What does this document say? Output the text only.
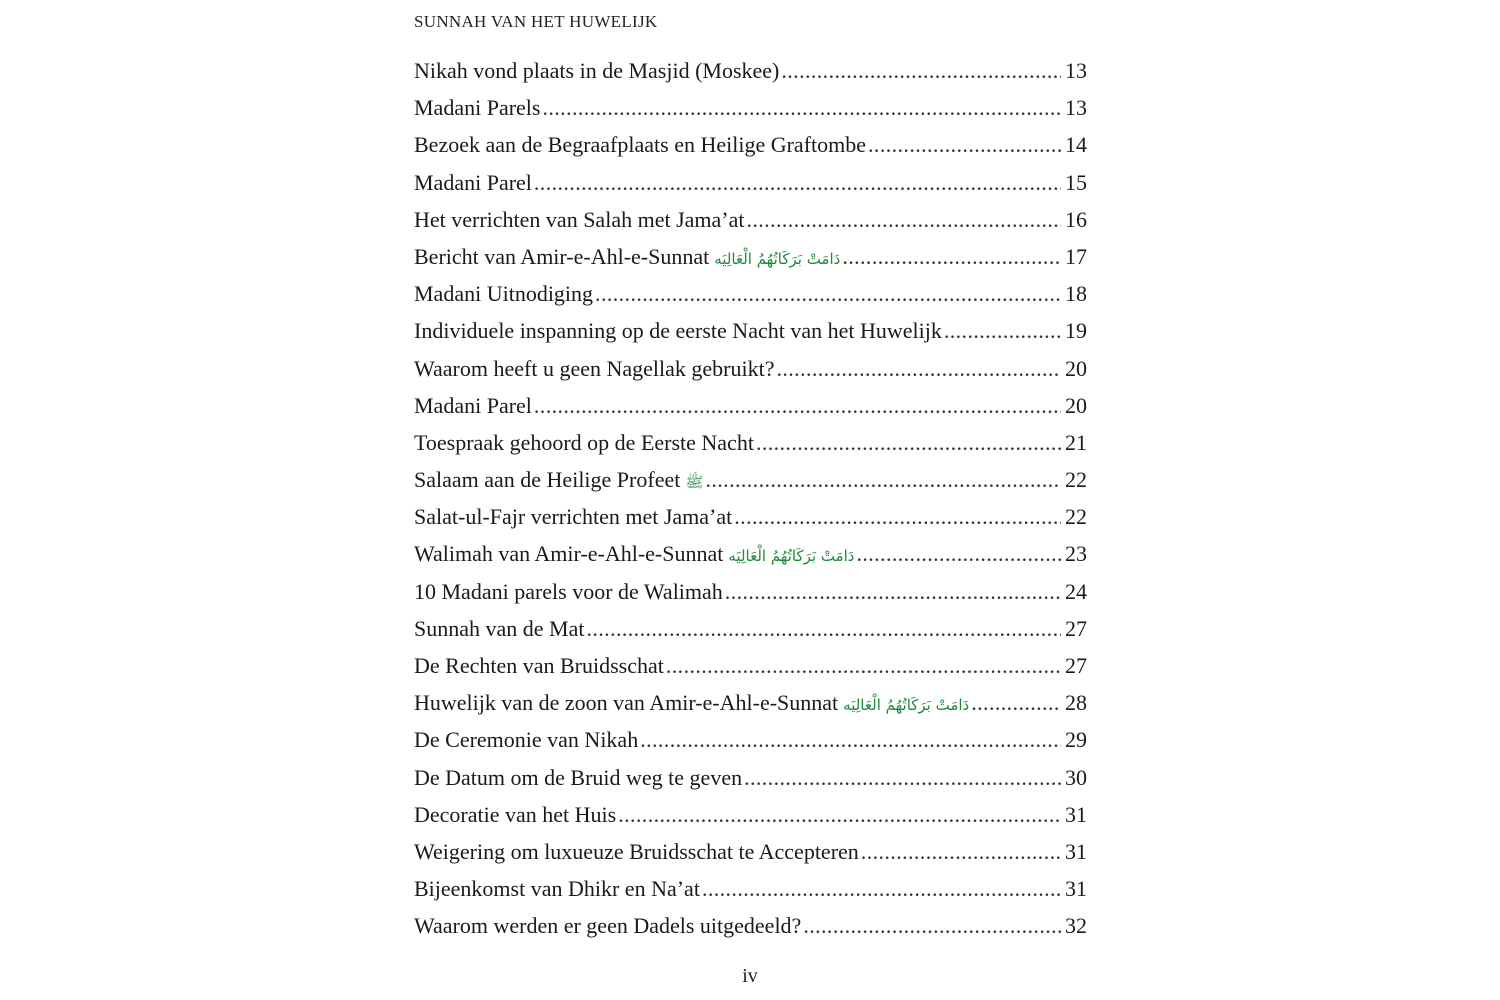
SUNNAH VAN HET HUWELIJK
Nikah vond plaats in de Masjid (Moskee) .....	13
Madani Parels .....	13
Bezoek aan de Begraafplaats en Heilige Graftombe .....	14
Madani Parel .....	15
Het verrichten van Salah met Jama’at .....	16
Bericht van Amir-e-Ahl-e-Sunnat دَامَتْ بَرَكَاتُهُمُ الْعَالِيَه .....	17
Madani Uitnodiging .....	18
Individuele inspanning op de eerste Nacht van het Huwelijk .....	19
Waarom heeft u geen Nagellak gebruikt? .....	20
Madani Parel .....	20
Toespraak gehoord op de Eerste Nacht .....	21
Salaam aan de Heilige Profeet ﷺ .....	22
Salat-ul-Fajr verrichten met Jama’at .....	22
Walimah van Amir-e-Ahl-e-Sunnat دَامَتْ بَرَكَاتُهُمُ الْعَالِيَه .....	23
10 Madani parels voor de Walimah .....	24
Sunnah van de Mat .....	27
De Rechten van Bruidsschat .....	27
Huwelijk van de zoon van Amir-e-Ahl-e-Sunnat دَامَتْ بَرَكَاتُهُمُ الْعَالِيَه .....	28
De Ceremonie van Nikah .....	29
De Datum om de Bruid weg te geven .....	30
Decoratie van het Huis .....	31
Weigering om luxueuze Bruidsschat te Accepteren .....	31
Bijeenkomst van Dhikr en Na’at .....	31
Waarom werden er geen Dadels uitgedeeld? .....	32
iv
